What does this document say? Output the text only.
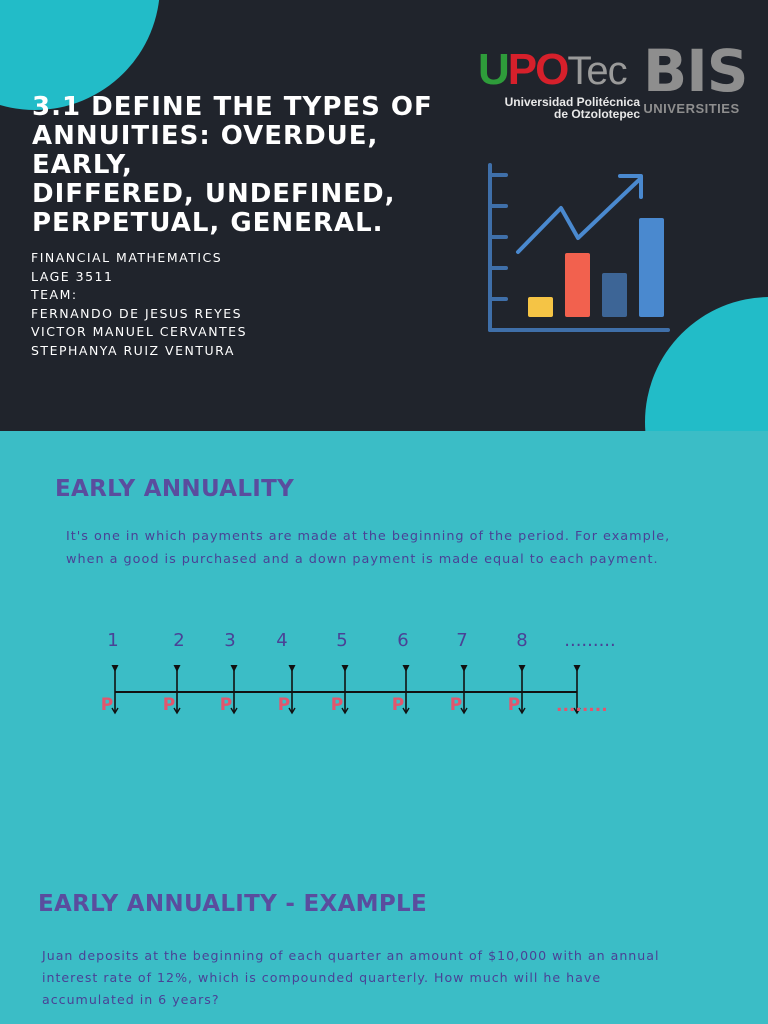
3.1 DEFINE THE TYPES OF
ANNUITIES: OVERDUE,
EARLY,
DIFFERED, UNDEFINED,
PERPETUAL, GENERAL.
FINANCIAL MATHEMATICS
LAGE 3511
TEAM:
FERNANDO DE JESUS REYES
VICTOR MANUEL CERVANTES
STEPHANYA RUIZ VENTURA
UPOTec
Universidad Politécnica
de Otzolotepec
BIS
UNIVERSITIES
EARLY ANNUALITY

It's one in which payments are made at the beginning of the period. For example,
when a good is purchased and a down payment is made equal to each payment.

1	2 3 4	5	6	7	8 .........
P	P	P	P P	P	P	P ........
EARLY ANNUALITY - EXAMPLE

Juan deposits at the beginning of each quarter an amount of $10,000 with an annual
interest rate of 12%, which is compounded quarterly. How much will he have
accumulated in 6 years?
